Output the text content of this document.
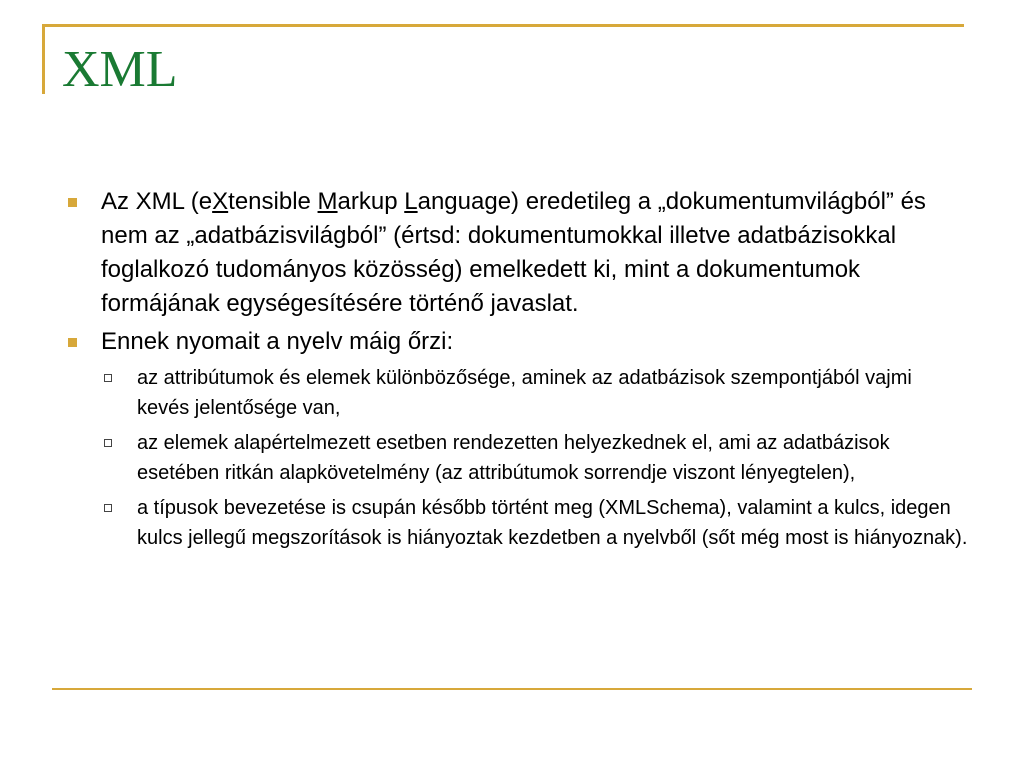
XML
Az XML (eXtensible Markup Language) eredetileg a „dokumentumvilágból” és nem az „adatbázisvilágból” (értsd: dokumentumokkal illetve adatbázisokkal foglalkozó tudományos közösség) emelkedett ki, mint a dokumentumok formájának egységesítésére történő javaslat.
Ennek nyomait a nyelv máig őrzi:
az attribútumok és elemek különbözősége, aminek az adatbázisok szempontjából vajmi kevés jelentősége van,
az elemek alapértelmezett esetben rendezetten helyezkednek el, ami az adatbázisok esetében ritkán alapkövetelmény (az attribútumok sorrendje viszont lényegtelen),
a típusok bevezetése is csupán később történt meg (XMLSchema), valamint a kulcs, idegen kulcs jellegű megszorítások is hiányoztak kezdetben a nyelvből (sőt még most is hiányoznak).
